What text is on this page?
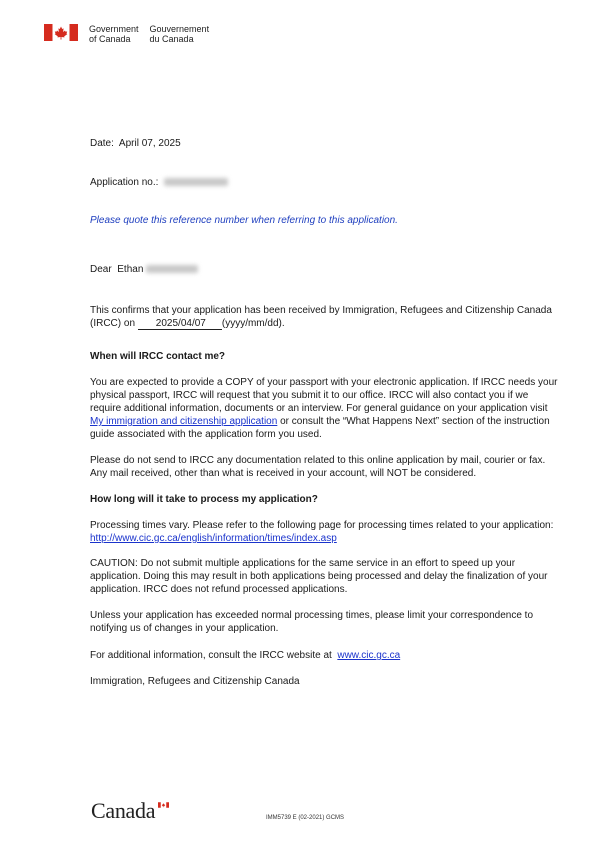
Government
of Canada
Gouvernement
du Canada

Date: April 07, 2025

Application no.:

Please quote this reference number when referring to this application.

Dear Ethan

This confirms that your application has been received by Immigration, Refugees and Citizenship Canada (IRCC) on 2025/04/07 (yyyy/mm/dd).

When will IRCC contact me?

You are expected to provide a COPY of your passport with your electronic application. If IRCC needs your physical passport, IRCC will request that you submit it to our office. IRCC will also contact you if we require additional information, documents or an interview. For general guidance on your application visit My immigration and citizenship application or consult the “What Happens Next” section of the instruction guide associated with the application form you used.

Please do not send to IRCC any documentation related to this online application by mail, courier or fax. Any mail received, other than what is received in your account, will NOT be considered.

How long will it take to process my application?

Processing times vary. Please refer to the following page for processing times related to your application: http://www.cic.gc.ca/english/information/times/index.asp

CAUTION: Do not submit multiple applications for the same service in an effort to speed up your application. Doing this may result in both applications being processed and delay the finalization of your application. IRCC does not refund processed applications.

Unless your application has exceeded normal processing times, please limit your correspondence to notifying us of changes in your application.

For additional information, consult the IRCC website at www.cic.gc.ca

Immigration, Refugees and Citizenship Canada

Canada	IMM5739 E (02-2021) GCMS
